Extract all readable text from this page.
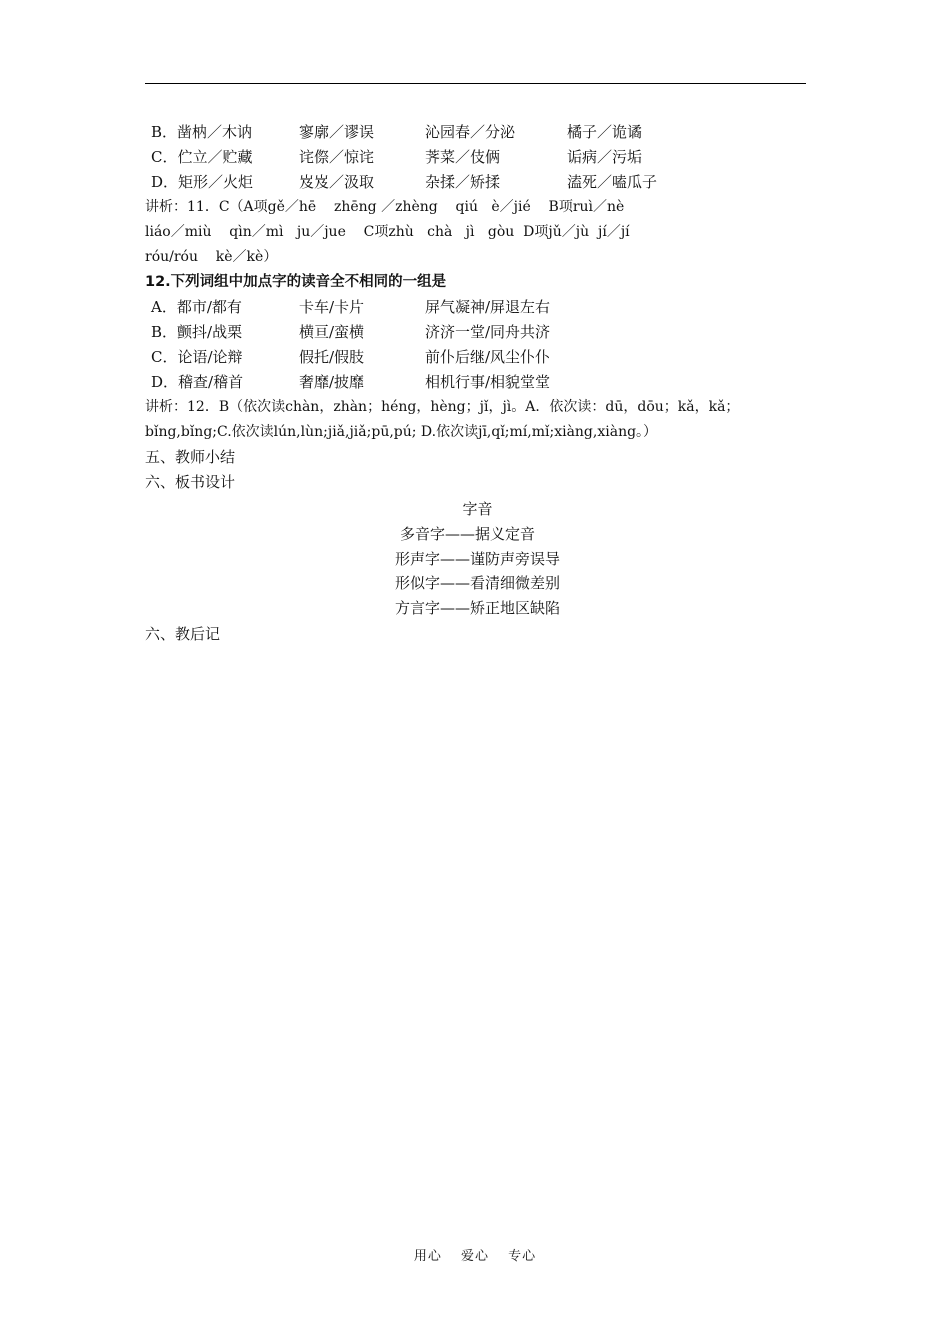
B．凿枘／木讷	寥廓／谬误	沁园春／分泌	橘子／诡谲
C．伫立／贮藏	诧傺／惊诧	荠菜／伎俩	诟病／污垢
D．矩形／火炬	岌岌／汲取	杂揉／矫揉	溘死／嗑瓜子
讲析：11．C（A项gě／hē    zhēng ／zhèng    qiú   è／jié    B项ruì／nè
liáo／miù    qìn／mì   ju／jue    C项zhù   chà   jì   gòu  D项jǔ／jù  jí／jí
róu/róu    kè／kè）
12.下列词组中加点字的读音全不相同的一组是
A．都市/都有	卡车/卡片	屏气凝神/屏退左右
B．颤抖/战栗	横亘/蛮横	济济一堂/同舟共济
C．论语/论辩	假托/假肢	前仆后继/风尘仆仆
D．稽查/稽首	奢靡/披靡	相机行事/相貌堂堂
讲析：12．B（依次读chàn，zhàn；héng，hèng；jǐ，jì。A．依次读：dū，dōu；kǎ，kǎ；
bǐng,bǐng;C.依次读lún,lùn;jiǎ,jiǎ;pū,pú; D.依次读jī,qǐ;mí,mǐ;xiàng,xiàng。）
五、教师小结
六、板书设计
字音
多音字——据义定音
形声字——谨防声旁误导
形似字——看清细微差别
方言字——矫正地区缺陷
六、教后记
用心 爱心 专心
